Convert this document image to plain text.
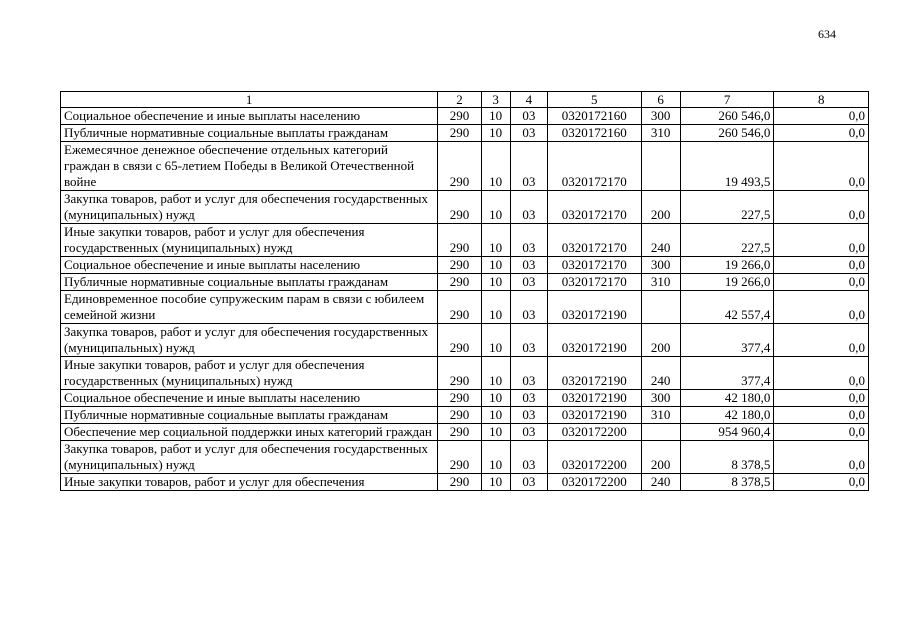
634
1	2	3	4	5	6	7	8
Социальное обеспечение и иные выплаты населению	290	10	03	0320172160	300	260 546,0	0,0
Публичные нормативные социальные выплаты гражданам	290	10	03	0320172160	310	260 546,0	0,0
Ежемесячное денежное обеспечение отдельных категорий граждан в связи с 65-летием Победы в Великой Отечественной войне	290	10	03	0320172170		19 493,5	0,0
Закупка товаров, работ и услуг для обеспечения государственных (муниципальных) нужд	290	10	03	0320172170	200	227,5	0,0
Иные закупки товаров, работ и услуг для обеспечения государственных (муниципальных) нужд	290	10	03	0320172170	240	227,5	0,0
Социальное обеспечение и иные выплаты населению	290	10	03	0320172170	300	19 266,0	0,0
Публичные нормативные социальные выплаты гражданам	290	10	03	0320172170	310	19 266,0	0,0
Единовременное пособие супружеским парам в связи с юбилеем семейной жизни	290	10	03	0320172190		42 557,4	0,0
Закупка товаров, работ и услуг для обеспечения государственных (муниципальных) нужд	290	10	03	0320172190	200	377,4	0,0
Иные закупки товаров, работ и услуг для обеспечения государственных (муниципальных) нужд	290	10	03	0320172190	240	377,4	0,0
Социальное обеспечение и иные выплаты населению	290	10	03	0320172190	300	42 180,0	0,0
Публичные нормативные социальные выплаты гражданам	290	10	03	0320172190	310	42 180,0	0,0
Обеспечение мер социальной поддержки иных категорий граждан	290	10	03	0320172200		954 960,4	0,0
Закупка товаров, работ и услуг для обеспечения государственных (муниципальных) нужд	290	10	03	0320172200	200	8 378,5	0,0
Иные закупки товаров, работ и услуг для обеспечения	290	10	03	0320172200	240	8 378,5	0,0
